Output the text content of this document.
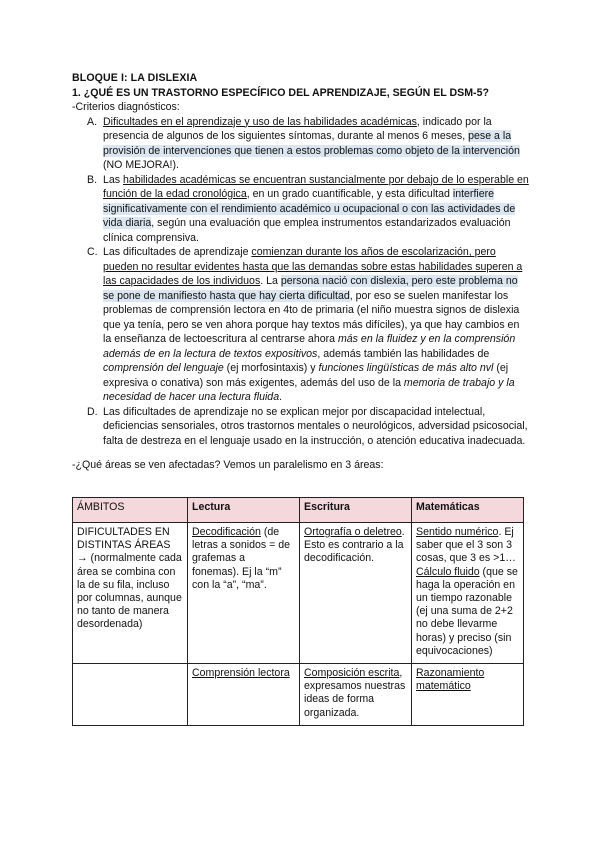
BLOQUE I: LA DISLEXIA
1. ¿QUÉ ES UN TRASTORNO ESPECÍFICO DEL APRENDIZAJE, SEGÚN EL DSM-5?
-Criterios diagnósticos:
A. Dificultades en el aprendizaje y uso de las habilidades académicas, indicado por la presencia de algunos de los siguientes síntomas, durante al menos 6 meses, pese a la provisión de intervenciones que tienen a estos problemas como objeto de la intervención (NO MEJORA!).
B. Las habilidades académicas se encuentran sustancialmente por debajo de lo esperable en función de la edad cronológica, en un grado cuantificable, y esta dificultad interfiere significativamente con el rendimiento académico u ocupacional o con las actividades de vida diaria, según una evaluación que emplea instrumentos estandarizados evaluación clínica comprensiva.
C. Las dificultades de aprendizaje comienzan durante los años de escolarización, pero pueden no resultar evidentes hasta que las demandas sobre estas habilidades superen a las capacidades de los individuos. La persona nació con dislexia, pero este problema no se pone de manifiesto hasta que hay cierta dificultad, por eso se suelen manifestar los problemas de comprensión lectora en 4to de primaria (el niño muestra signos de dislexia que ya tenía, pero se ven ahora porque hay textos más difíciles), ya que hay cambios en la enseñanza de lectoescritura al centrarse ahora más en la fluidez y en la comprensión además de en la lectura de textos expositivos, además también las habilidades de comprensión del lenguaje (ej morfosintaxis) y funciones lingüísticas de más alto nvl (ej expresiva o conativa) son más exigentes, además del uso de la memoria de trabajo y la necesidad de hacer una lectura fluida.
D. Las dificultades de aprendizaje no se explican mejor por discapacidad intelectual, deficiencias sensoriales, otros trastornos mentales o neurológicos, adversidad psicosocial, falta de destreza en el lenguaje usado en la instrucción, o atención educativa inadecuada.
-¿Qué áreas se ven afectadas? Vemos un paralelismo en 3 áreas:
ÁMBITOS	Lectura	Escritura	Matemáticas
DIFICULTADES EN DISTINTAS ÁREAS → (normalmente cada área se combina con la de su fila, incluso por columnas, aunque no tanto de manera desordenada)	Decodificación (de letras a sonidos = de grafemas a fonemas). Ej la “m” con la “a”, “ma”.	Ortografía o deletreo. Esto es contrario a la decodificación.	Sentido numérico. Ej saber que el 3 son 3 cosas, que 3 es >1…
Cálculo fluido (que se haga la operación en un tiempo razonable (ej una suma de 2+2 no debe llevarme horas) y preciso (sin equivocaciones)
	Comprensión lectora	Composición escrita, expresamos nuestras ideas de forma organizada.	Razonamiento matemático
